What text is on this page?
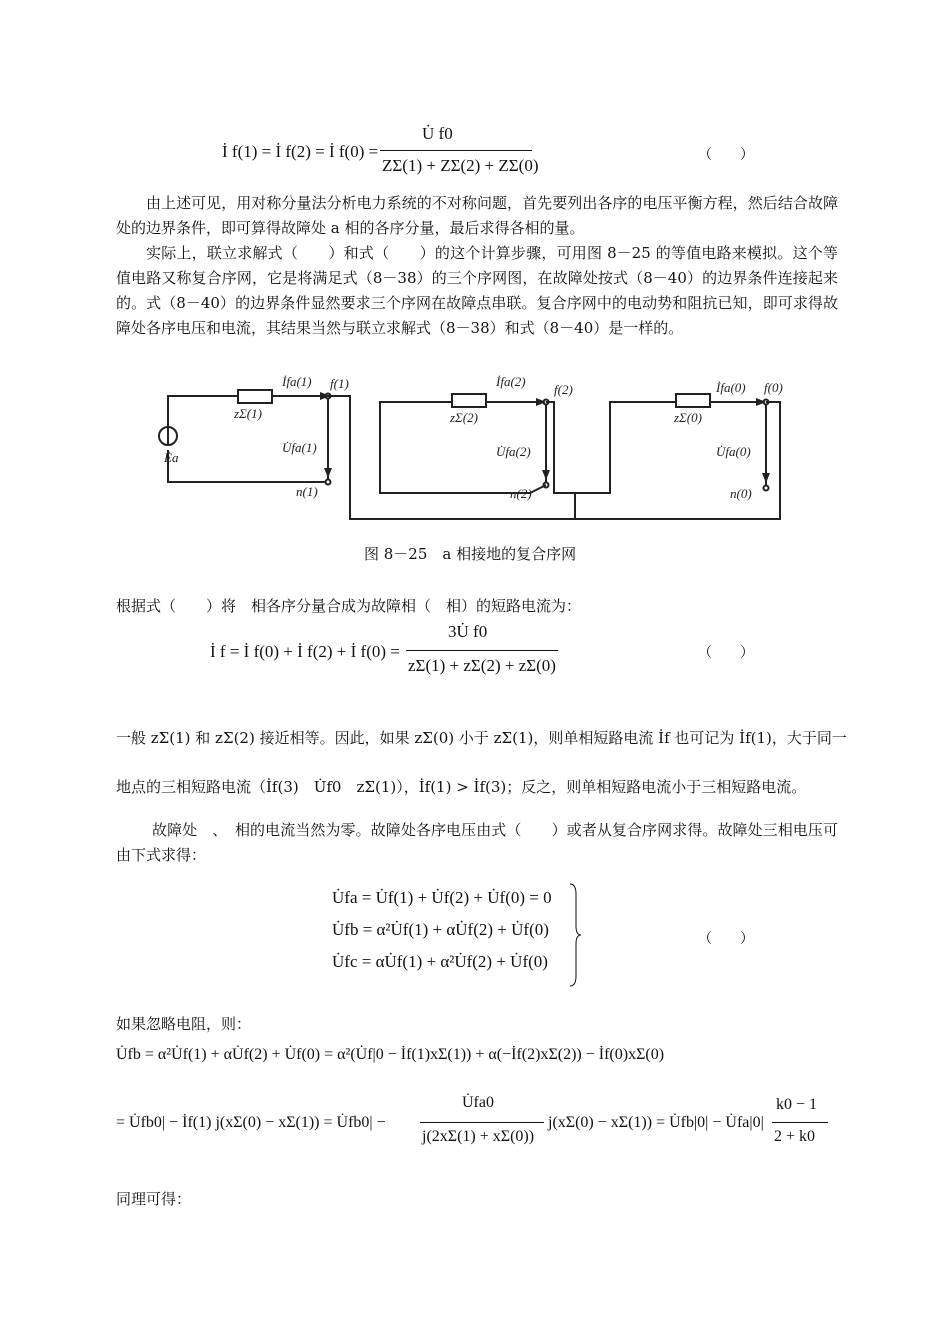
İ f(1) = İ f(2) = İ f(0) =
U̇ f0
ZΣ(1) + ZΣ(2) + ZΣ(0)
（　　）
由上述可见，用对称分量法分析电力系统的不对称问题，首先要列出各序的电压平衡方程，然后结合故障处的边界条件，即可算得故障处 a 相的各序分量，最后求得各相的量。
实际上，联立求解式（　　）和式（　　）的这个计算步骤，可用图 8－25 的等值电路来模拟。这个等值电路又称复合序网，它是将满足式（8－38）的三个序网图，在故障处按式（8－40）的边界条件连接起来的。式（8－40）的边界条件显然要求三个序网在故障点串联。复合序网中的电动势和阻抗已知，即可求得故障处各序电压和电流，其结果当然与联立求解式（8－38）和式（8－40）是一样的。
İfa(1) f(1)
zΣ(1)
U̇fa(1)
n(1)
Ėa
İfa(2)
f(2)
zΣ(2)
U̇fa(2)
n(2)
İfa(0) f(0)
zΣ(0)
U̇fa(0)
n(0)
图 8－25　a 相接地的复合序网
根据式（　　）将　相各序分量合成为故障相（　相）的短路电流为：
İ f = İ f(0) + İ f(2) + İ f(0) =
3U̇ f0
zΣ(1) + zΣ(2) + zΣ(0)
（　　）
一般 zΣ(1) 和 zΣ(2) 接近相等。因此，如果 zΣ(0) 小于 zΣ(1)，则单相短路电流 İf 也可记为 İf(1)，大于同一
地点的三相短路电流（İf(3)　U̇f0　zΣ(1)），İf(1) > İf(3)；反之，则单相短路电流小于三相短路电流。
故障处　、　相的电流当然为零。故障处各序电压由式（　　）或者从复合序网求得。故障处三相电压可由下式求得：
U̇fa = U̇f(1) + U̇f(2) + U̇f(0) = 0
U̇fb = α²U̇f(1) + αU̇f(2) + U̇f(0)
U̇fc = αU̇f(1) + α²U̇f(2) + U̇f(0)
（　　）
如果忽略电阻，则：
U̇fb = α²U̇f(1) + αU̇f(2) + U̇f(0) = α²(U̇f|0 − İf(1)xΣ(1)) + α(−İf(2)xΣ(2)) − İf(0)xΣ(0)
= U̇fb0| − İf(1) j(xΣ(0) − xΣ(1)) = U̇fb0| −
U̇fa0
j(2xΣ(1) + xΣ(0))
j(xΣ(0) − xΣ(1)) = U̇fb|0| − U̇fa|0|
k0 − 1
2 + k0
同理可得：
